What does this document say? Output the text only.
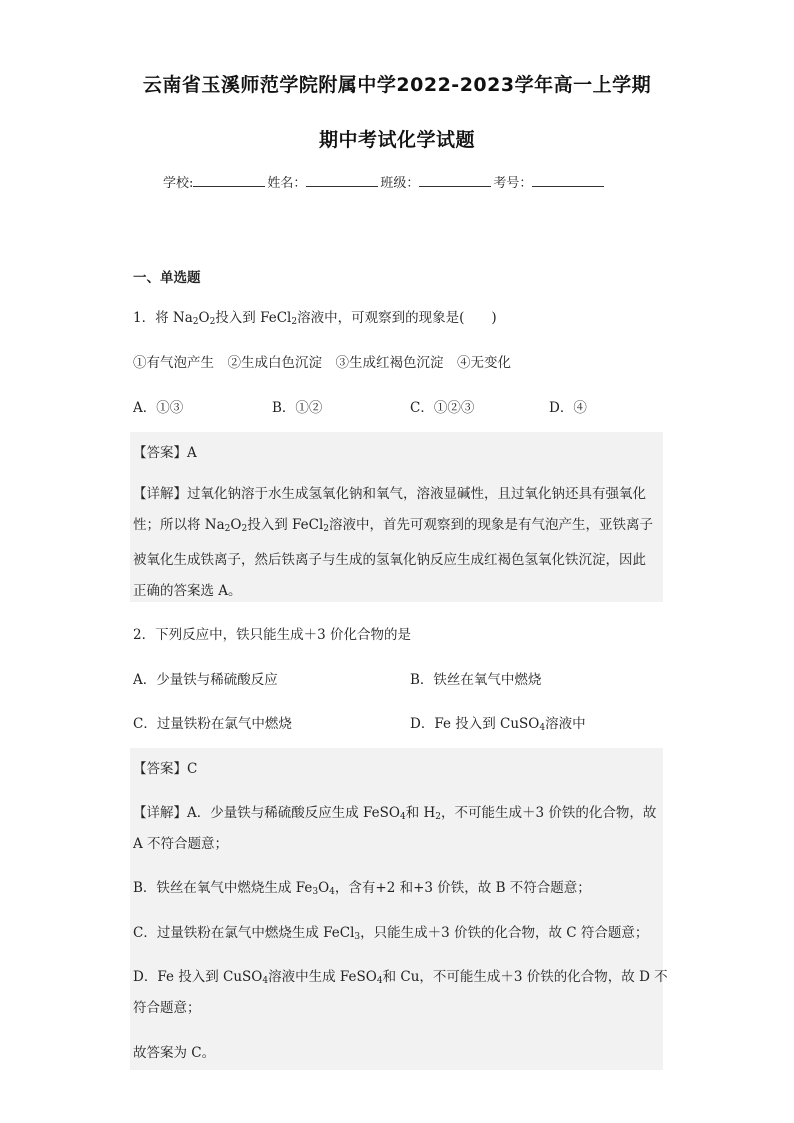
云南省玉溪师范学院附属中学2022-2023学年高一上学期
期中考试化学试题
学校:	姓名：	班级：	考号：
一、单选题
1．将 $Na_2O_2$投入到 FeCl$_2$溶液中，可观察到的现象是(　　)
①有气泡产生　②生成白色沉淀　③生成红褐色沉淀　④无变化
A．①③	B．①②	C．①②③	D．④
【答案】A
【详解】过氧化钠溶于水生成氢氧化钠和氧气，溶液显碱性，且过氧化钠还具有强氧化
性；所以将 $Na_2O_2$投入到 FeCl$_2$溶液中，首先可观察到的现象是有气泡产生，亚铁离子
被氧化生成铁离子，然后铁离子与生成的氢氧化钠反应生成红褐色氢氧化铁沉淀，因此
正确的答案选 A。
2．下列反应中，铁只能生成＋3 价化合物的是
A．少量铁与稀硫酸反应	B．铁丝在氧气中燃烧
C．过量铁粉在氯气中燃烧	D．Fe 投入到 CuSO$_4$溶液中
【答案】C
【详解】A．少量铁与稀硫酸反应生成 FeSO$_4$和 $H_2$，不可能生成＋3 价铁的化合物，故
A 不符合题意；
B．铁丝在氧气中燃烧生成 $Fe_3O_4$，含有+2 和+3 价铁，故 B 不符合题意；
C．过量铁粉在氯气中燃烧生成 FeCl$_3$，只能生成＋3 价铁的化合物，故 C 符合题意；
D．Fe 投入到 CuSO$_4$溶液中生成 FeSO$_4$和 Cu，不可能生成＋3 价铁的化合物，故 D 不
符合题意；
故答案为 C。
